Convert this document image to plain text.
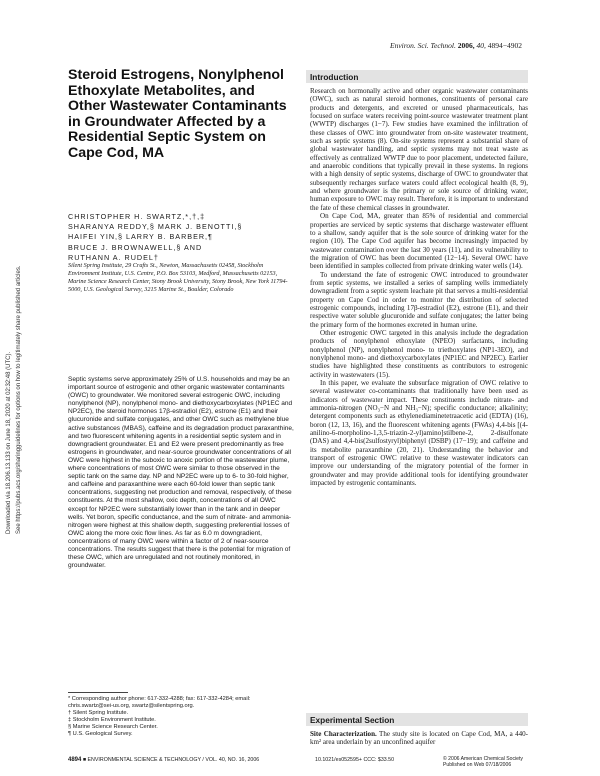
Environ. Sci. Technol. 2006, 40, 4894−4902
Downloaded via 18.206.13.133 on June 18, 2020 at 02:32:48 (UTC). See https://pubs.acs.org/sharingguidelines for options on how to legitimately share published articles.
Steroid Estrogens, Nonylphenol Ethoxylate Metabolites, and Other Wastewater Contaminants in Groundwater Affected by a Residential Septic System on Cape Cod, MA
CHRISTOPHER H. SWARTZ,*,†,‡
SHARANYA REDDY,§ MARK J. BENOTTI,§
HAIFEI YIN,§ LARRY B. BARBER,¶
BRUCE J. BROWNAWELL,§ AND
RUTHANN A. RUDEL†
Silent Spring Institute, 29 Crafts St., Newton, Massachusetts 02458, Stockholm Environment Institute, U.S. Centre, P.O. Box 53103, Medford, Massachusetts 02153, Marine Science Research Center, Stony Brook University, Stony Brook, New York 11794-5000, U.S. Geological Survey, 3215 Marine St., Boulder, Colorado
Septic systems serve approximately 25% of U.S. households and may be an important source of estrogenic and other organic wastewater contaminants (OWC) to groundwater. We monitored several estrogenic OWC, including nonylphenol (NP), nonylphenol mono- and diethoxycarboxylates (NP1EC and NP2EC), the steroid hormones 17β-estradiol (E2), estrone (E1) and their glucuronide and sulfate conjugates, and other OWC such as methylene blue active substances (MBAS), caffeine and its degradation product paraxanthine, and two fluorescent whitening agents in a residential septic system and in downgradient groundwater. E1 and E2 were present predominantly as free estrogens in groundwater, and near-source groundwater concentrations of all OWC were highest in the suboxic to anoxic portion of the wastewater plume, where concentrations of most OWC were similar to those observed in the septic tank on the same day. NP and NP2EC were up to 6- to 30-fold higher, and caffeine and paraxanthine were each 60-fold lower than septic tank concentrations, suggesting net production and removal, respectively, of these constituents. At the most shallow, oxic depth, concentrations of all OWC except for NP2EC were substantially lower than in the tank and in deeper wells. Yet boron, specific conductance, and the sum of nitrate- and ammonia-nitrogen were highest at this shallow depth, suggesting preferential losses of OWC along the more oxic flow lines. As far as 6.0 m downgradient, concentrations of many OWC were within a factor of 2 of near-source concentrations. The results suggest that there is the potential for migration of these OWC, which are unregulated and not routinely monitored, in groundwater.
* Corresponding author phone: 617-332-4288; fax: 617-332-4284; email: chris.swartz@sei-us.org, swartz@silentspring.org.
† Silent Spring Institute.
‡ Stockholm Environment Institute.
§ Marine Science Research Center.
¶ U.S. Geological Survey.
Introduction

Research on hormonally active and other organic wastewater contaminants (OWC), such as natural steroid hormones, constituents of personal care products and detergents, and excreted or unused pharmaceuticals, has focused on surface waters receiving point-source wastewater treatment plant (WWTP) discharges (1−7). Few studies have examined the infiltration of these classes of OWC into groundwater from on-site wastewater treatment, such as septic systems (8). On-site systems represent a substantial share of global wastewater handling, and septic systems may not treat waste as effectively as centralized WWTP due to poor placement, undetected failure, and anaerobic conditions that typically prevail in these systems. In regions with a high density of septic systems, discharge of OWC to groundwater that subsequently recharges surface waters could affect ecological health (8, 9), and where groundwater is the primary or sole source of drinking water, human exposure to OWC may result. Therefore, it is important to understand the fate of these chemical classes in groundwater.

On Cape Cod, MA, greater than 85% of residential and commercial properties are serviced by septic systems that discharge wastewater effluent to a shallow, sandy aquifer that is the sole source of drinking water for the region (10). The Cape Cod aquifer has become increasingly impacted by wastewater contamination over the last 30 years (11), and its vulnerability to the migration of OWC has been documented (12−14). Several OWC have been identified in samples collected from private drinking water wells (14).

To understand the fate of estrogenic OWC introduced to groundwater from septic systems, we installed a series of sampling wells immediately downgradient from a septic system leachate pit that serves a multi-residential property on Cape Cod in order to monitor the distribution of selected estrogenic compounds, including 17β-estradiol (E2), estrone (E1), and their respective water soluble glucuronide and sulfate conjugates; the latter being the primary form of the hormones excreted in human urine.

Other estrogenic OWC targeted in this analysis include the degradation products of nonylphenol ethoxylate (NPEO) surfactants, including nonylphenol (NP), nonylphenol mono- to triethoxylates (NP1-3EO), and nonylphenol mono- and diethoxycarboxylates (NP1EC and NP2EC). Earlier studies have highlighted these constituents as contributors to estrogenic activity in wastewaters (15).

In this paper, we evaluate the subsurface migration of OWC relative to several wastewater co-contaminants that traditionally have been used as indicators of wastewater impact. These constituents include nitrate- and ammonia-nitrogen (NO₃−N and NH₃−N); specific conductance; alkalinity; detergent components such as ethylenediaminetetraacetic acid (EDTA) (16), boron (12, 13, 16), and the fluorescent whitening agents (FWAs) 4,4-bis [(4-anilino-6-morpholino-1,3,5-triazin-2-yl)amino]stilbene-2, 2-disulfonate (DAS) and 4,4-bis(2sulfostyryl)biphenyl (DSBP) (17−19); and caffeine and its metabolite paraxanthine (20, 21). Understanding the behavior and transport of estrogenic OWC relative to these wastewater indicators can improve our understanding of the migratory potential of the former in groundwater and may provide additional tools for identifying groundwater impacted by estrogenic contaminants.

Experimental Section

Site Characterization. The study site is located on Cape Cod, MA, a 440-km² area underlain by an unconfined aquifer

4894 ■ ENVIRONMENTAL SCIENCE & TECHNOLOGY / VOL. 40, NO. 16, 2006	10.1021/es052595+ CCC: $33.50	© 2006 American Chemical Society
Published on Web 07/18/2006
